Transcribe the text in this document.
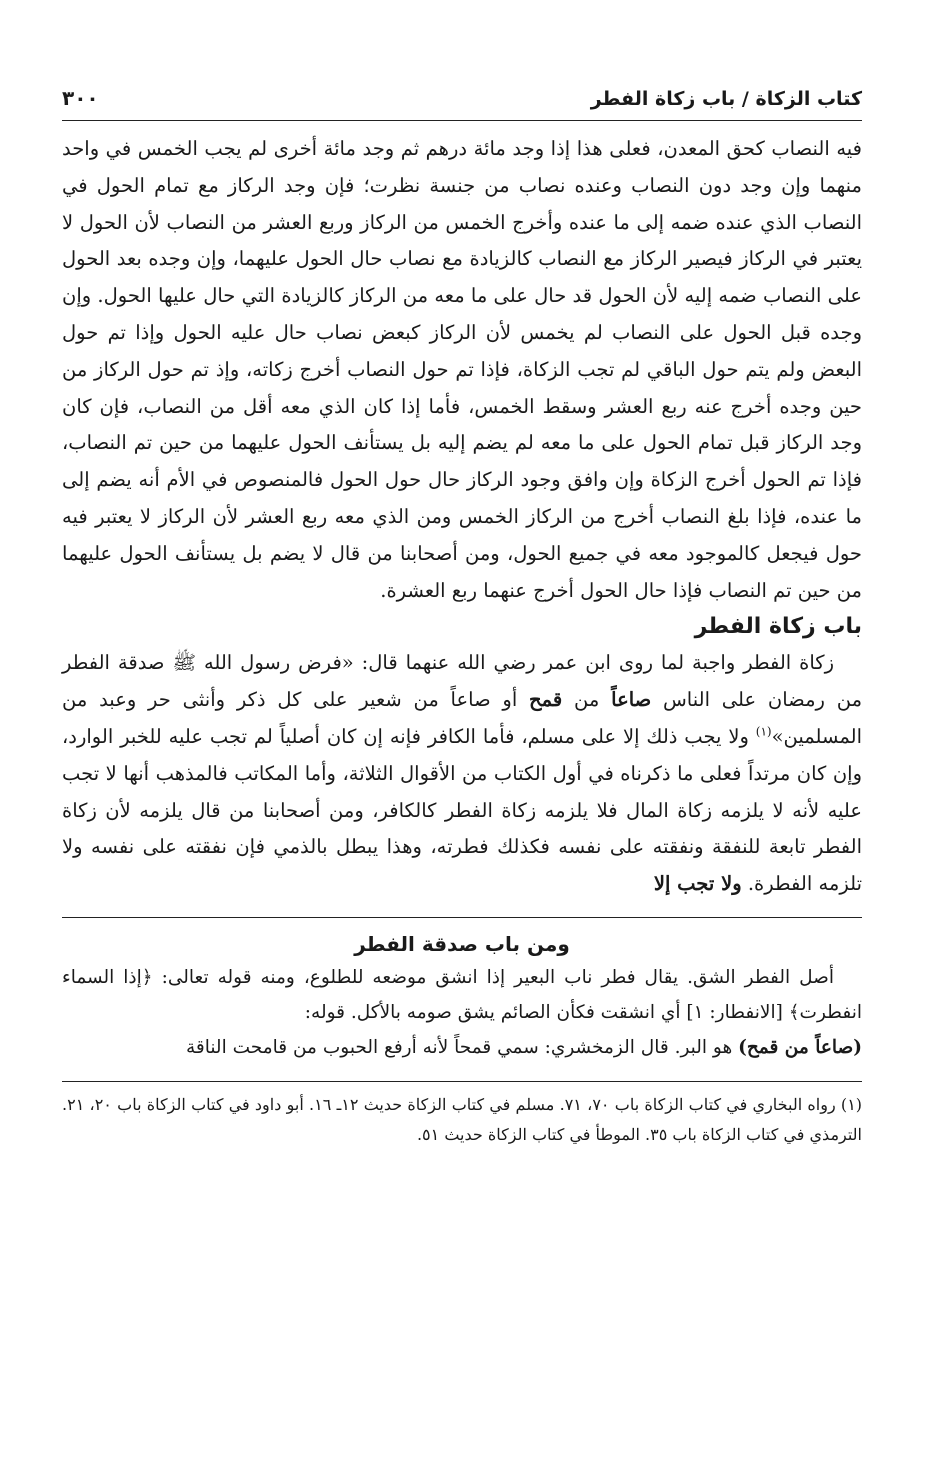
كتاب الزكاة / باب زكاة الفطر
٣٠٠

فيه النصاب كحق المعدن، فعلى هذا إذا وجد مائة درهم ثم وجد مائة أخرى لم يجب الخمس في واحد منهما وإن وجد دون النصاب وعنده نصاب من جنسة نظرت؛ فإن وجد الركاز مع تمام الحول في النصاب الذي عنده ضمه إلى ما عنده وأخرج الخمس من الركاز وربع العشر من النصاب لأن الحول لا يعتبر في الركاز فيصير الركاز مع النصاب كالزيادة مع نصاب حال الحول عليهما، وإن وجده بعد الحول على النصاب ضمه إليه لأن الحول قد حال على ما معه من الركاز كالزيادة التي حال عليها الحول. وإن وجده قبل الحول على النصاب لم يخمس لأن الركاز كبعض نصاب حال عليه الحول وإذا تم حول البعض ولم يتم حول الباقي لم تجب الزكاة، فإذا تم حول النصاب أخرج زكاته، وإذ تم حول الركاز من حين وجده أخرج عنه ربع العشر وسقط الخمس، فأما إذا كان الذي معه أقل من النصاب، فإن كان وجد الركاز قبل تمام الحول على ما معه لم يضم إليه بل يستأنف الحول عليهما من حين تم النصاب، فإذا تم الحول أخرج الزكاة وإن وافق وجود الركاز حال حول الحول فالمنصوص في الأم أنه يضم إلى ما عنده، فإذا بلغ النصاب أخرج من الركاز الخمس ومن الذي معه ربع العشر لأن الركاز لا يعتبر فيه حول فيجعل كالموجود معه في جميع الحول، ومن أصحابنا من قال لا يضم بل يستأنف الحول عليهما من حين تم النصاب فإذا حال الحول أخرج عنهما ربع العشرة.

باب زكاة الفطر

زكاة الفطر واجبة لما روى ابن عمر رضي الله عنهما قال: «فرض رسول الله ﷺ صدقة الفطر من رمضان على الناس صاعاً من قمح أو صاعاً من شعير على كل ذكر وأنثى حر وعبد من المسلمين»$^{(١)}$ ولا يجب ذلك إلا على مسلم، فأما الكافر فإنه إن كان أصلياً لم تجب عليه للخبر الوارد، وإن كان مرتداً فعلى ما ذكرناه في أول الكتاب من الأقوال الثلاثة، وأما المكاتب فالمذهب أنها لا تجب عليه لأنه لا يلزمه زكاة المال فلا يلزمه زكاة الفطر كالكافر، ومن أصحابنا من قال يلزمه لأن زكاة الفطر تابعة للنفقة ونفقته على نفسه فكذلك فطرته، وهذا يبطل بالذمي فإن نفقته على نفسه ولا تلزمه الفطرة. ولا تجب إلا

ومن باب صدقة الفطر

أصل الفطر الشق. يقال فطر ناب البعير إذا انشق موضعه للطلوع، ومنه قوله تعالى: ﴿إذا السماء انفطرت﴾ [الانفطار: ١] أي انشقت فكأن الصائم يشق صومه بالأكل. قوله:
(صاعاً من قمح) هو البر. قال الزمخشري: سمي قمحاً لأنه أرفع الحبوب من قامحت الناقة

(١) رواه البخاري في كتاب الزكاة باب ٧٠، ٧١. مسلم في كتاب الزكاة حديث ١٢ـ ١٦. أبو داود في كتاب الزكاة باب ٢٠، ٢١. الترمذي في كتاب الزكاة باب ٣٥. الموطأ في كتاب الزكاة حديث ٥١.
